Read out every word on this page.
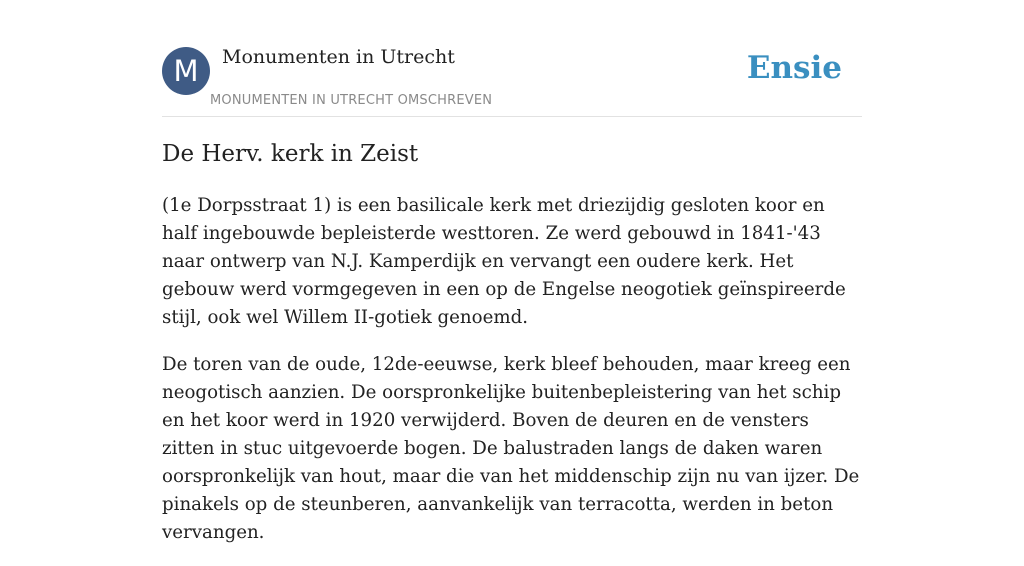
M	Monumenten in Utrecht
MONUMENTEN IN UTRECHT OMSCHREVEN
Ensie
De Herv. kerk in Zeist

(1e Dorpsstraat 1) is een basilicale kerk met driezijdig gesloten koor en half ingebouwde bepleisterde westtoren. Ze werd gebouwd in 1841-'43 naar ontwerp van N.J. Kamperdijk en vervangt een oudere kerk. Het gebouw werd vormgegeven in een op de Engelse neogotiek geïnspireerde stijl, ook wel Willem II-gotiek genoemd.

De toren van de oude, 12de-eeuwse, kerk bleef behouden, maar kreeg een neogotisch aanzien. De oorspronkelijke buitenbepleistering van het schip en het koor werd in 1920 verwijderd. Boven de deuren en de vensters zitten in stuc uitgevoerde bogen. De balustraden langs de daken waren oorspronkelijk van hout, maar die van het middenschip zijn nu van ijzer. De pinakels op de steunberen, aanvankelijk van terracotta, werden in beton vervangen.
